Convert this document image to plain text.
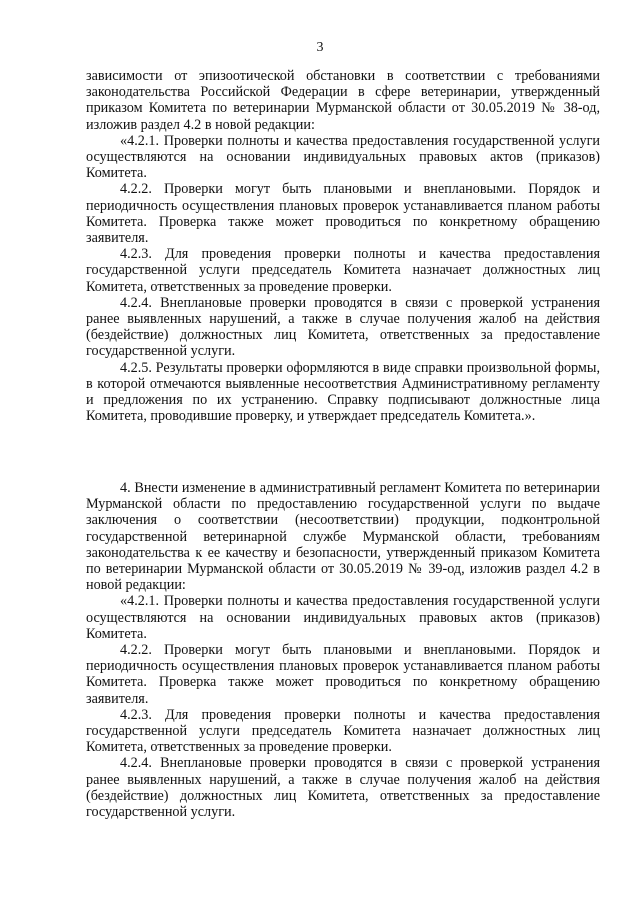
3

зависимости от эпизоотической обстановки в соответствии с требованиями законодательства Российской Федерации в сфере ветеринарии, утвержденный приказом Комитета по ветеринарии Мурманской области от 30.05.2019 № 38-од, изложив раздел 4.2 в новой редакции:

«4.2.1. Проверки полноты и качества предоставления государственной услуги осуществляются на основании индивидуальных правовых актов (приказов) Комитета.

4.2.2. Проверки могут быть плановыми и внеплановыми. Порядок и периодичность осуществления плановых проверок устанавливается планом работы Комитета. Проверка также может проводиться по конкретному обращению заявителя.

4.2.3. Для проведения проверки полноты и качества предоставления государственной услуги председатель Комитета назначает должностных лиц Комитета, ответственных за проведение проверки.

4.2.4. Внеплановые проверки проводятся в связи с проверкой устранения ранее выявленных нарушений, а также в случае получения жалоб на действия (бездействие) должностных лиц Комитета, ответственных за предоставление государственной услуги.

4.2.5. Результаты проверки оформляются в виде справки произвольной формы, в которой отмечаются выявленные несоответствия Административному регламенту и предложения по их устранению. Справку подписывают должностные лица Комитета, проводившие проверку, и утверждает председатель Комитета.».

4. Внести изменение в административный регламент Комитета по ветеринарии Мурманской области по предоставлению государственной услуги по выдаче заключения о соответствии (несоответствии) продукции, подконтрольной государственной ветеринарной службе Мурманской области, требованиям законодательства к ее качеству и безопасности, утвержденный приказом Комитета по ветеринарии Мурманской области от 30.05.2019 № 39-од, изложив раздел 4.2 в новой редакции:

«4.2.1. Проверки полноты и качества предоставления государственной услуги осуществляются на основании индивидуальных правовых актов (приказов) Комитета.

4.2.2. Проверки могут быть плановыми и внеплановыми. Порядок и периодичность осуществления плановых проверок устанавливается планом работы Комитета. Проверка также может проводиться по конкретному обращению заявителя.

4.2.3. Для проведения проверки полноты и качества предоставления государственной услуги председатель Комитета назначает должностных лиц Комитета, ответственных за проведение проверки.

4.2.4. Внеплановые проверки проводятся в связи с проверкой устранения ранее выявленных нарушений, а также в случае получения жалоб на действия (бездействие) должностных лиц Комитета, ответственных за предоставление государственной услуги.
